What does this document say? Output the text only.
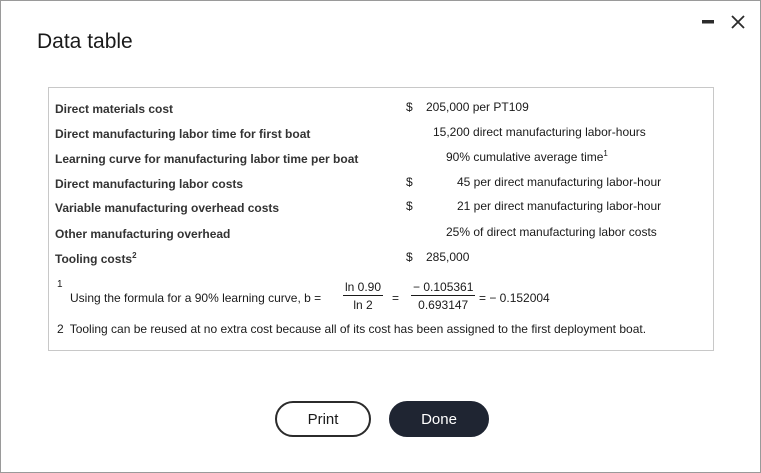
Data table
Direct materials cost	$ 205,000 per PT109
Direct manufacturing labor time for first boat	15,200 direct manufacturing labor-hours
Learning curve for manufacturing labor time per boat	90% cumulative average time$^1$
Direct manufacturing labor costs	$	45 per direct manufacturing labor-hour
Variable manufacturing overhead costs	$	21 per direct manufacturing labor-hour
Other manufacturing overhead	25% of direct manufacturing labor costs
Tooling costs$^2$	$ 285,000
1
Using the formula for a 90% learning curve, $b = \frac{\ln 0.90}{\ln 2} = \frac{- 0.105361}{0.693147}$ = − 0.152004
2 Tooling can be reused at no extra cost because all of its cost has been assigned to the first deployment boat.
Print	Done
